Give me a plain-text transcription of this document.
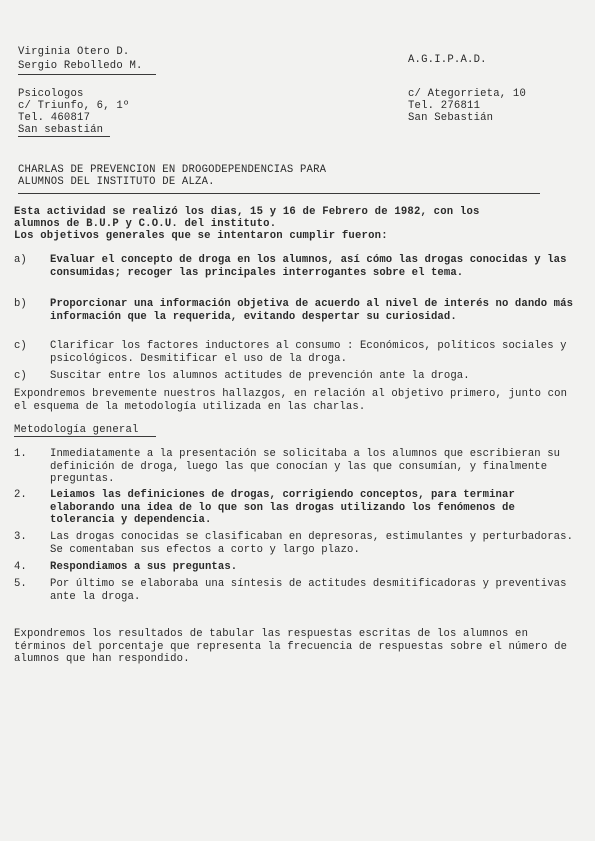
Virginia Otero D.
Sergio Rebolledo M.
Psicologos
c/ Triunfo, 6, 1º
Tel. 460817
San sebastián
A.G.I.P.A.D.
c/ Ategorrieta, 10
Tel. 276811
San Sebastián
CHARLAS DE PREVENCION EN DROGODEPENDENCIAS PARA
ALUMNOS DEL INSTITUTO DE ALZA.
Esta actividad se realizó los dias, 15 y 16 de Febrero de 1982, con los
alumnos de B.U.P y C.O.U. del instituto.
Los objetivos generales que se intentaron cumplir fueron:
a) Evaluar el concepto de droga en los alumnos, así cómo las drogas conocidas y las consumidas; recoger las principales interrogantes sobre el tema.
b) Proporcionar una información objetiva de acuerdo al nivel de interés no dando más información que la requerida, evitando despertar su curiosidad.
c) Clarificar los factores inductores al consumo : Económicos, políticos sociales y psicológicos. Desmitificar el uso de la droga.
c) Suscitar entre los alumnos actitudes de prevención ante la droga.
Expondremos brevemente nuestros hallazgos, en relación al objetivo primero, junto con el esquema de la metodología utilizada en las charlas.
Metodología general
1. Inmediatamente a la presentación se solicitaba a los alumnos que escribieran su definición de droga, luego las que conocían y las que consumían, y finalmente preguntas.
2. Leiamos las definiciones de drogas, corrigiendo conceptos, para terminar elaborando una idea de lo que son las drogas utilizando los fenómenos de tolerancia y dependencia.
3. Las drogas conocidas se clasificaban en depresoras, estimulantes y perturbadoras. Se comentaban sus efectos a corto y largo plazo.
4. Respondiamos a sus preguntas.
5. Por último se elaboraba una síntesis de actitudes desmitificadoras y preventivas ante la droga.
Expondremos los resultados de tabular las respuestas escritas de los alumnos en términos del porcentaje que representa la frecuencia de respuestas sobre el número de alumnos que han respondido.
